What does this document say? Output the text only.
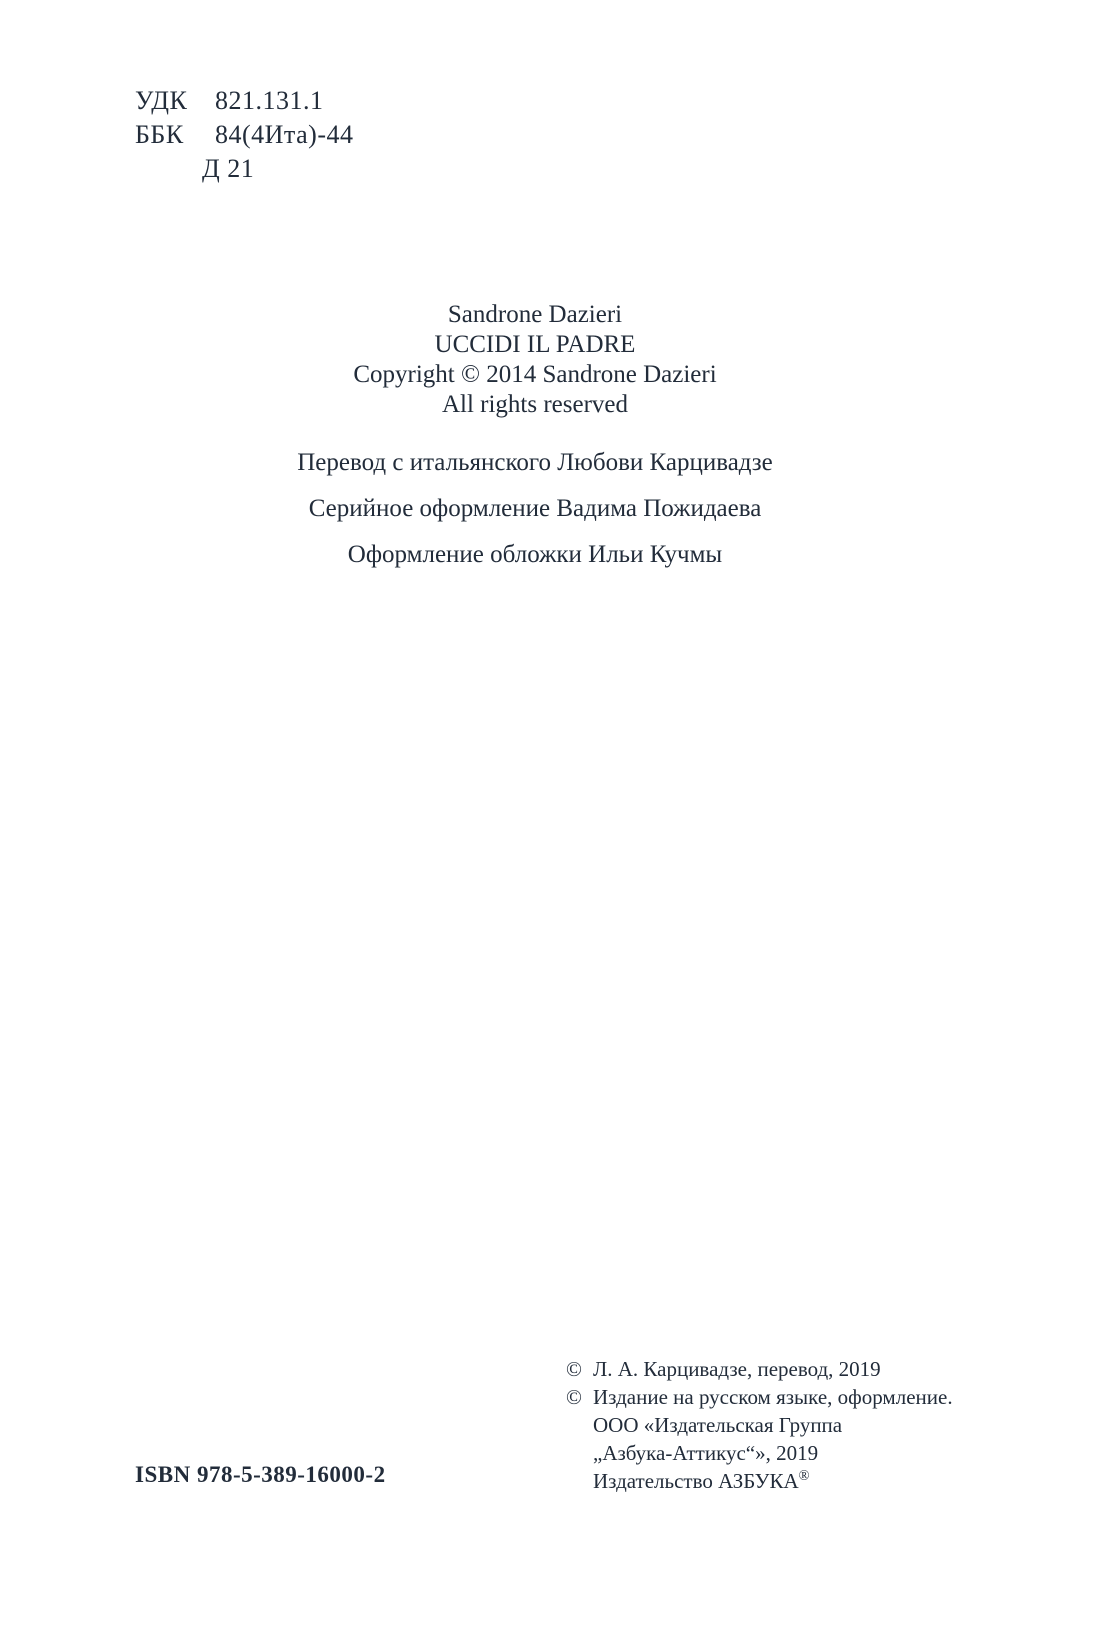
УДК 821.131.1
ББК 84(4Ита)-44
Д 21
Sandrone Dazieri
UCCIDI IL PADRE
Copyright © 2014 Sandrone Dazieri
All rights reserved

Перевод с итальянского Любови Карцивадзе

Серийное оформление Вадима Пожидаева

Оформление обложки Ильи Кучмы

ISBN 978-5-389-16000-2
© Л. А. Карцивадзе, перевод, 2019
© Издание на русском языке, оформление.
ООО «Издательская Группа
„Азбука-Аттикус“», 2019
Издательство АЗБУКА®
